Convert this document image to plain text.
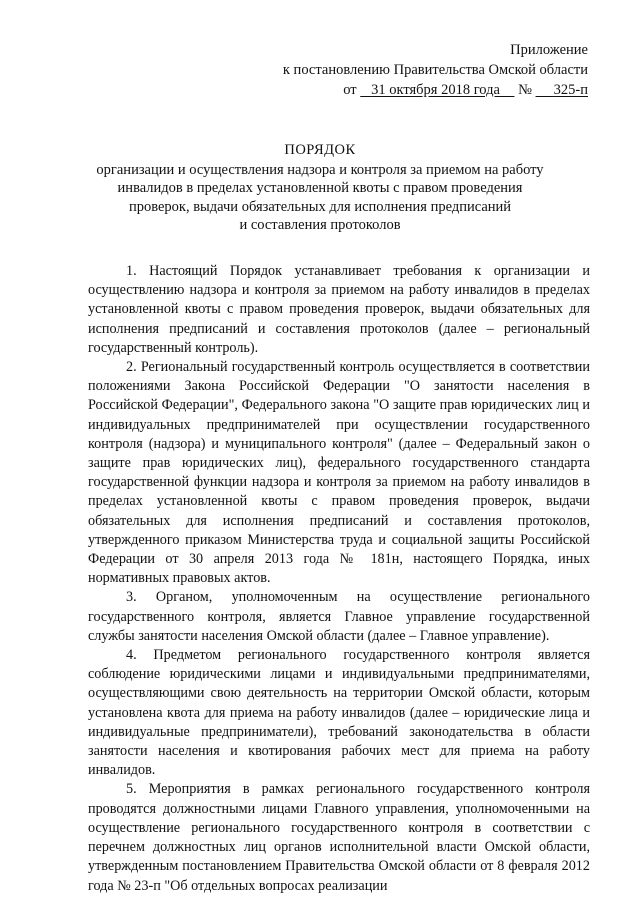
Приложение
к постановлению Правительства Омской области
от 31 октября 2018 года № 325-п
ПОРЯДОК
организации и осуществления надзора и контроля за приемом на работу
инвалидов в пределах установленной квоты с правом проведения
проверок, выдачи обязательных для исполнения предписаний
и составления протоколов

1. Настоящий Порядок устанавливает требования к организации и осуществлению надзора и контроля за приемом на работу инвалидов в пределах установленной квоты с правом проведения проверок, выдачи обязательных для исполнения предписаний и составления протоколов (далее – региональный государственный контроль).

2. Региональный государственный контроль осуществляется в соответствии положениями Закона Российской Федерации "О занятости населения в Российской Федерации", Федерального закона "О защите прав юридических лиц и индивидуальных предпринимателей при осуществлении государственного контроля (надзора) и муниципального контроля" (далее – Федеральный закон о защите прав юридических лиц), федерального государственного стандарта государственной функции надзора и контроля за приемом на работу инвалидов в пределах установленной квоты с правом проведения проверок, выдачи обязательных для исполнения предписаний и составления протоколов, утвержденного приказом Министерства труда и социальной защиты Российской Федерации от 30 апреля 2013 года № 181н, настоящего Порядка, иных нормативных правовых актов.

3. Органом, уполномоченным на осуществление регионального государственного контроля, является Главное управление государственной службы занятости населения Омской области (далее – Главное управление).

4. Предметом регионального государственного контроля является соблюдение юридическими лицами и индивидуальными предпринимателями, осуществляющими свою деятельность на территории Омской области, которым установлена квота для приема на работу инвалидов (далее – юридические лица и индивидуальные предприниматели), требований законодательства в области занятости населения и квотирования рабочих мест для приема на работу инвалидов.

5. Мероприятия в рамках регионального государственного контроля проводятся должностными лицами Главного управления, уполномоченными на осуществление регионального государственного контроля в соответствии с перечнем должностных лиц органов исполнительной власти Омской области, утвержденным постановлением Правительства Омской области от 8 февраля 2012 года № 23-п "Об отдельных вопросах реализации
